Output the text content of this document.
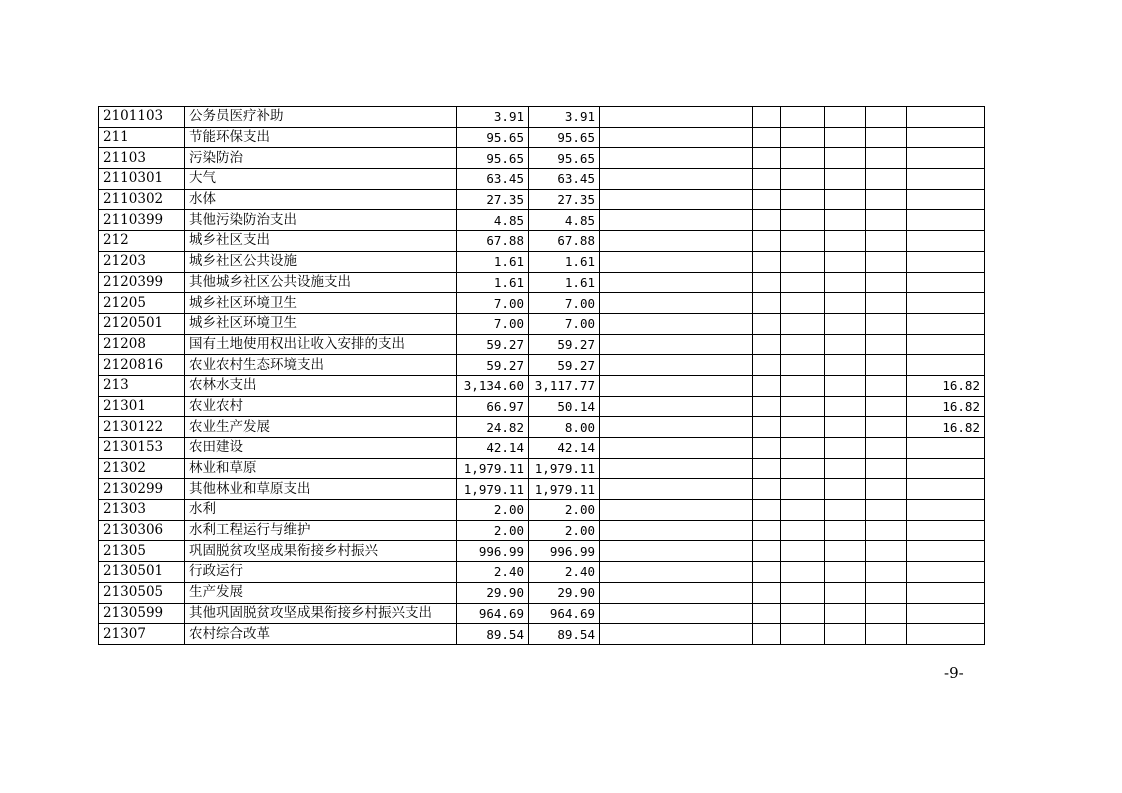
2101103	公务员医疗补助	3.91	3.91						
211	节能环保支出	95.65	95.65						
21103	污染防治	95.65	95.65						
2110301	大气	63.45	63.45						
2110302	水体	27.35	27.35						
2110399	其他污染防治支出	4.85	4.85						
212	城乡社区支出	67.88	67.88						
21203	城乡社区公共设施	1.61	1.61						
2120399	其他城乡社区公共设施支出	1.61	1.61						
21205	城乡社区环境卫生	7.00	7.00						
2120501	城乡社区环境卫生	7.00	7.00						
21208	国有土地使用权出让收入安排的支出	59.27	59.27						
2120816	农业农村生态环境支出	59.27	59.27						
213	农林水支出	3,134.60	3,117.77						16.82
21301	农业农村	66.97	50.14						16.82
2130122	农业生产发展	24.82	8.00						16.82
2130153	农田建设	42.14	42.14						
21302	林业和草原	1,979.11	1,979.11						
2130299	其他林业和草原支出	1,979.11	1,979.11						
21303	水利	2.00	2.00						
2130306	水利工程运行与维护	2.00	2.00						
21305	巩固脱贫攻坚成果衔接乡村振兴	996.99	996.99						
2130501	行政运行	2.40	2.40						
2130505	生产发展	29.90	29.90						
2130599	其他巩固脱贫攻坚成果衔接乡村振兴支出	964.69	964.69						
21307	农村综合改革	89.54	89.54						
-9-
